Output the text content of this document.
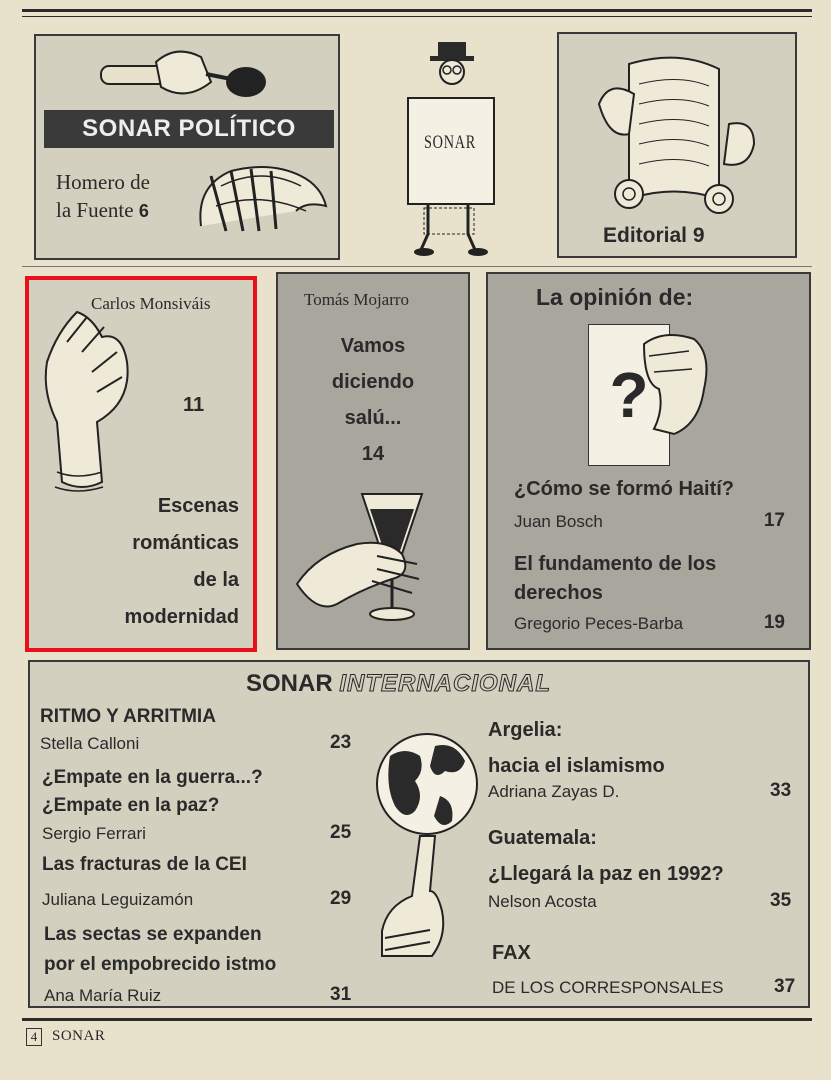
SONAR POLÍTICO
Homero de
la Fuente 6
SONAR
Editorial 9
Carlos Monsiváis
11
Escenas
románticas
de la
modernidad
Tomás Mojarro
Vamos
diciendo
salú...
14
La opinión de:
?
¿Cómo se formó Haití?
Juan Bosch	17
El fundamento de los
derechos
Gregorio Peces-Barba	19
SONAR INTERNACIONAL
RITMO Y ARRITMIA
Stella Calloni	23
¿Empate en la guerra...?
¿Empate en la paz?
Sergio Ferrari	25
Las fracturas de la CEI
Juliana Leguizamón	29
Las sectas se expanden
por el empobrecido istmo
Ana María Ruiz	31
Argelia:
hacia el islamismo
Adriana Zayas D.	33
Guatemala:
¿Llegará la paz en 1992?
Nelson Acosta	35
FAX
DE LOS CORRESPONSALES	37
4 SONAR
